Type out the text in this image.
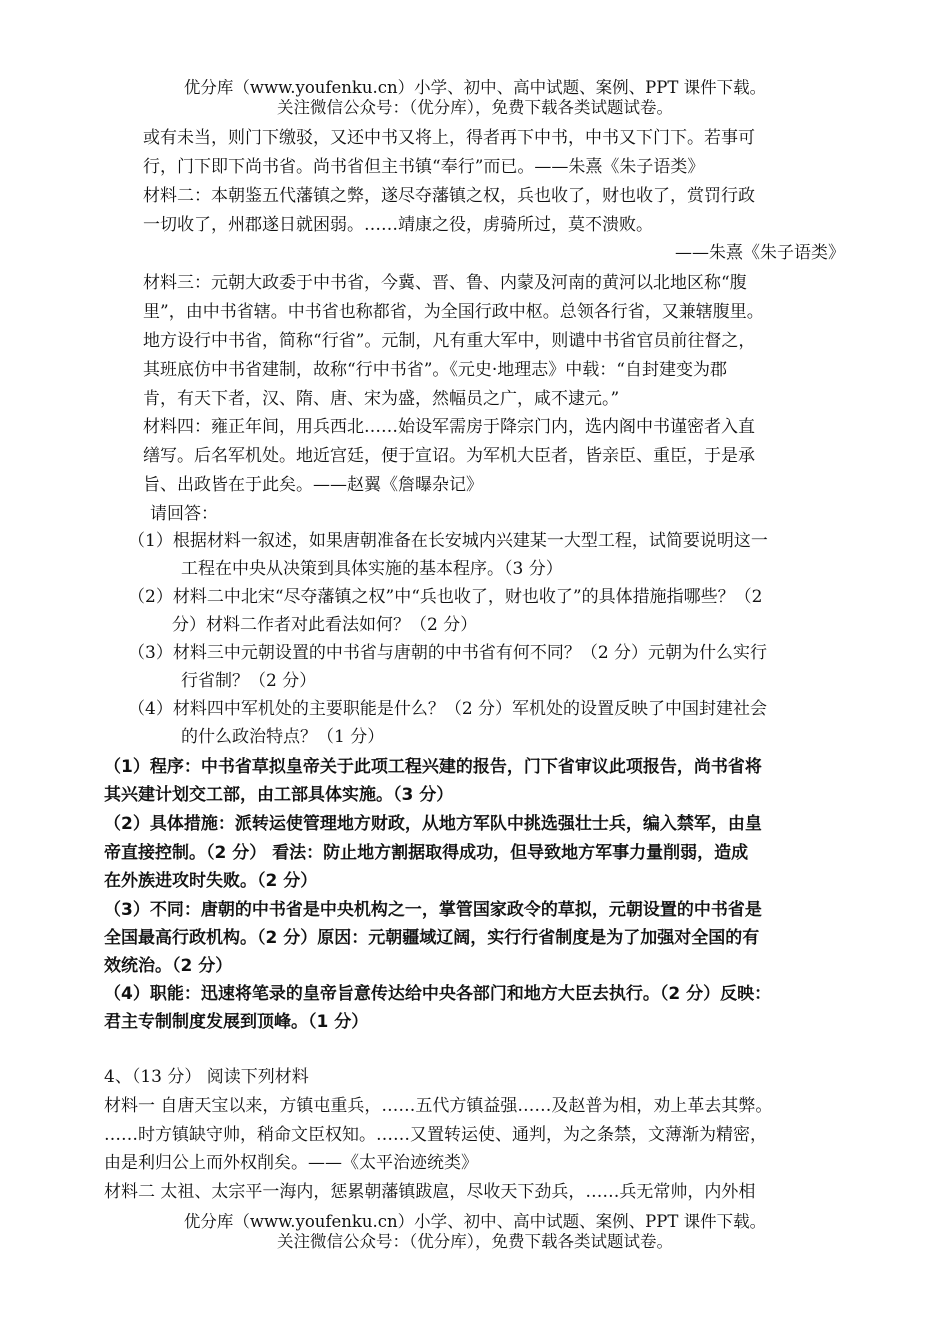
优分库（www.youfenku.cn）小学、初中、高中试题、案例、PPT 课件下载。
关注微信公众号：（优分库），免费下载各类试题试卷。
或有未当，则门下缴驳，又还中书又将上，得者再下中书，中书又下门下。若事可
行，门下即下尚书省。尚书省但主书镇“奉行”而已。——朱熹《朱子语类》
材料二：本朝鉴五代藩镇之弊，遂尽夺藩镇之权，兵也收了，财也收了，赏罚行政
一切收了，州郡遂日就困弱。……靖康之役，虏骑所过，莫不溃败。
——朱熹《朱子语类》
材料三：元朝大政委于中书省，今冀、晋、鲁、内蒙及河南的黄河以北地区称“腹
里”，由中书省辖。中书省也称都省，为全国行政中枢。总领各行省，又兼辖腹里。
地方设行中书省，简称“行省”。元制，凡有重大军中，则谴中书省官员前往督之，
其班底仿中书省建制，故称“行中书省”。《元史·地理志》中载：“自封建变为郡
肯，有天下者，汉、隋、唐、宋为盛，然幅员之广，咸不逮元。”
材料四：雍正年间，用兵西北……始设军需房于降宗门内，选内阁中书谨密者入直
缮写。后名军机处。地近宫廷，便于宣诏。为军机大臣者，皆亲臣、重臣，于是承
旨、出政皆在于此矣。——赵翼《詹曝杂记》
请回答：
（1）根据材料一叙述，如果唐朝准备在长安城内兴建某一大型工程，试简要说明这一
工程在中央从决策到具体实施的基本程序。（3 分）
（2）材料二中北宋“尽夺藩镇之权”中“兵也收了，财也收了”的具体措施指哪些？（2
分）材料二作者对此看法如何？（2 分）
（3）材料三中元朝设置的中书省与唐朝的中书省有何不同？（2 分）元朝为什么实行
行省制？（2 分）
（4）材料四中军机处的主要职能是什么？（2 分）军机处的设置反映了中国封建社会
的什么政治特点？（1 分）
（1）程序：中书省草拟皇帝关于此项工程兴建的报告，门下省审议此项报告，尚书省将
其兴建计划交工部，由工部具体实施。（3 分）
（2）具体措施：派转运使管理地方财政，从地方军队中挑选强壮士兵，编入禁军，由皇
帝直接控制。（2 分） 看法：防止地方割据取得成功，但导致地方军事力量削弱，造成
在外族进攻时失败。（2 分）
（3）不同：唐朝的中书省是中央机构之一，掌管国家政令的草拟，元朝设置的中书省是
全国最高行政机构。（2 分）原因：元朝疆域辽阔，实行行省制度是为了加强对全国的有
效统治。（2 分）
（4）职能：迅速将笔录的皇帝旨意传达给中央各部门和地方大臣去执行。（2 分）反映：
君主专制制度发展到顶峰。（1 分）
4、（13 分） 阅读下列材料
材料一 自唐天宝以来，方镇屯重兵，……五代方镇益强……及赵普为相，劝上革去其弊。
……时方镇缺守帅，稍命文臣权知。……又置转运使、通判，为之条禁，文薄渐为精密，
由是利归公上而外权削矣。——《太平治迹统类》
材料二 太祖、太宗平一海内，惩累朝藩镇跋扈，尽收天下劲兵，……兵无常帅，内外相
优分库（www.youfenku.cn）小学、初中、高中试题、案例、PPT 课件下载。
关注微信公众号：（优分库），免费下载各类试题试卷。
